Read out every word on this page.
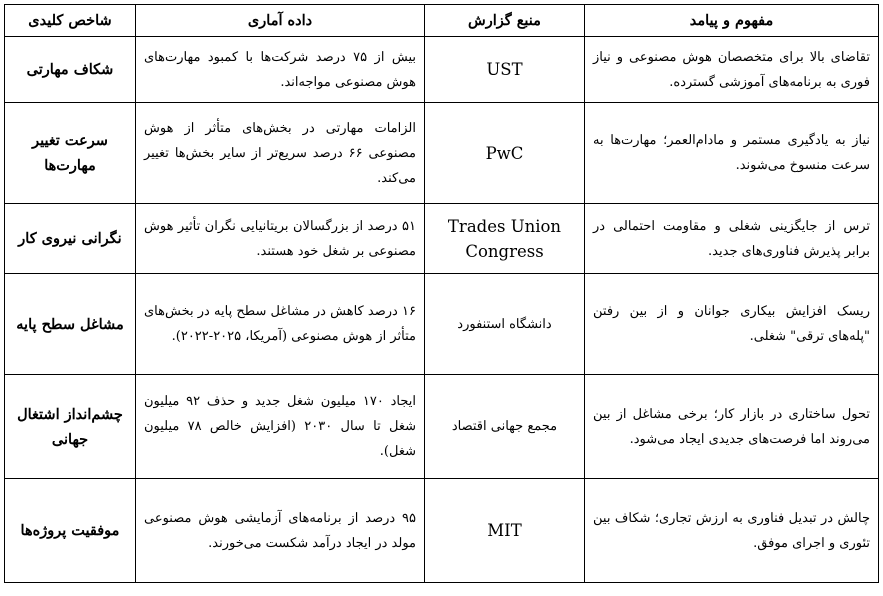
مفهوم و پیامد	منبع گزارش	داده آماری	شاخص کلیدی
تقاضای بالا برای متخصصان هوش مصنوعی و نیاز فوری به برنامه‌های آموزشی گسترده.	UST	بیش از ۷۵ درصد شرکت‌ها با کمبود مهارت‌های هوش مصنوعی مواجه‌اند.	شکاف مهارتی
نیاز به یادگیری مستمر و مادام‌العمر؛ مهارت‌ها به سرعت منسوخ می‌شوند.	PwC	الزامات مهارتی در بخش‌های متأثر از هوش مصنوعی ۶۶ درصد سریع‌تر از سایر بخش‌ها تغییر می‌کند.	سرعت تغییر مهارت‌ها
ترس از جایگزینی شغلی و مقاومت احتمالی در برابر پذیرش فناوری‌های جدید.	Trades Union Congress	۵۱ درصد از بزرگسالان بریتانیایی نگران تأثیر هوش مصنوعی بر شغل خود هستند.	نگرانی نیروی کار
ریسک افزایش بیکاری جوانان و از بین رفتن "پله‌های ترقی" شغلی.	دانشگاه استنفورد	۱۶ درصد کاهش در مشاغل سطح پایه در بخش‌های متأثر از هوش مصنوعی (آمریکا، ۲۰۲۵-۲۰۲۲).	مشاغل سطح پایه
تحول ساختاری در بازار کار؛ برخی مشاغل از بین می‌روند اما فرصت‌های جدیدی ایجاد می‌شود.	مجمع جهانی اقتصاد	ایجاد ۱۷۰ میلیون شغل جدید و حذف ۹۲ میلیون شغل تا سال ۲۰۳۰ (افزایش خالص ۷۸ میلیون شغل).	چشم‌انداز اشتغال جهانی
چالش در تبدیل فناوری به ارزش تجاری؛ شکاف بین تئوری و اجرای موفق.	MIT	۹۵ درصد از برنامه‌های آزمایشی هوش مصنوعی مولد در ایجاد درآمد شکست می‌خورند.	موفقیت پروژه‌ها
